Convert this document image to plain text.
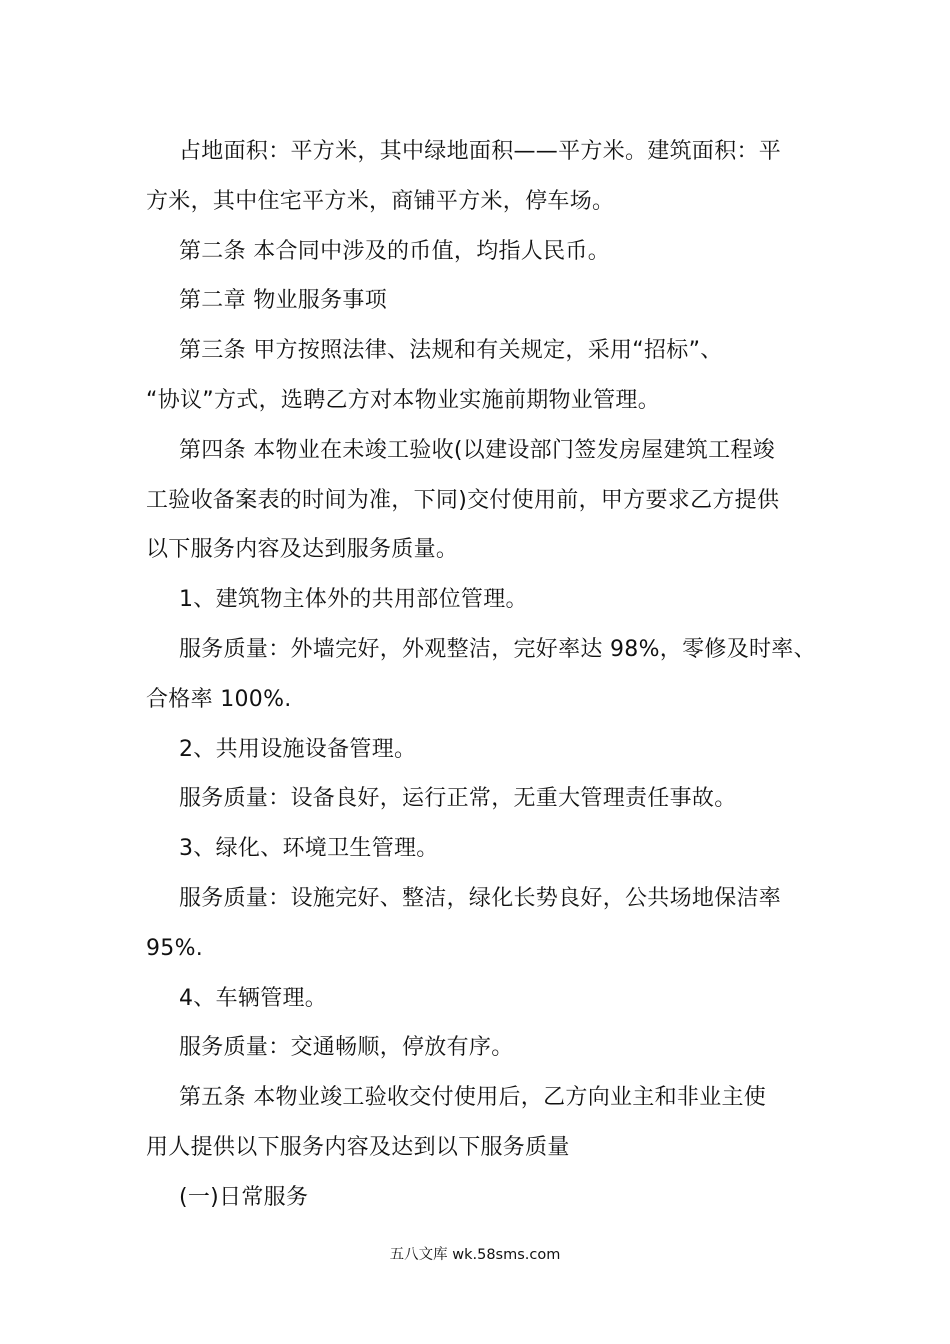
占地面积：平方米，其中绿地面积——平方米。建筑面积：平
方米，其中住宅平方米，商铺平方米，停车场。
第二条 本合同中涉及的币值，均指人民币。
第二章 物业服务事项
第三条 甲方按照法律、法规和有关规定，采用“招标”、
“协议”方式，选聘乙方对本物业实施前期物业管理。
第四条 本物业在未竣工验收(以建设部门签发房屋建筑工程竣
工验收备案表的时间为准，下同)交付使用前，甲方要求乙方提供
以下服务内容及达到服务质量。
1、建筑物主体外的共用部位管理。
服务质量：外墙完好，外观整洁，完好率达 98%，零修及时率、
合格率 100%.
2、共用设施设备管理。
服务质量：设备良好，运行正常，无重大管理责任事故。
3、绿化、环境卫生管理。
服务质量：设施完好、整洁，绿化长势良好，公共场地保洁率
95%.
4、车辆管理。
服务质量：交通畅顺，停放有序。
第五条 本物业竣工验收交付使用后，乙方向业主和非业主使
用人提供以下服务内容及达到以下服务质量
(一)日常服务
五八文库 wk.58sms.com
